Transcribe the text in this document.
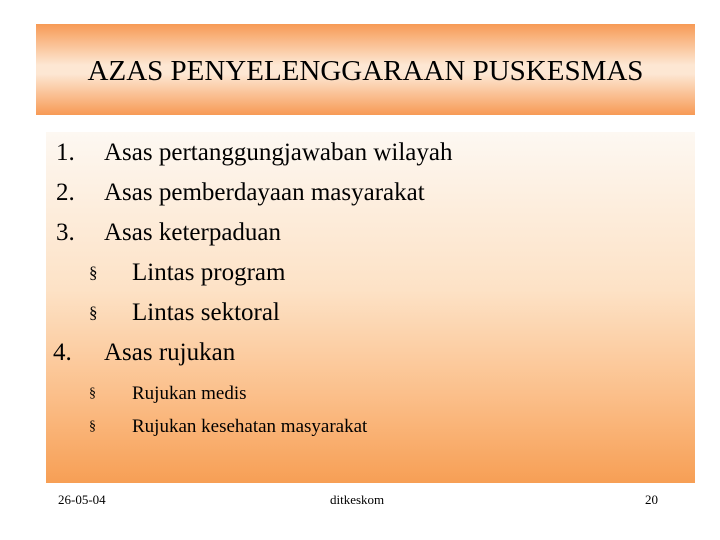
AZAS PENYELENGGARAAN PUSKESMAS
1. Asas pertanggungjawaban wilayah
2. Asas pemberdayaan masyarakat
3. Asas keterpaduan
§ Lintas program
§ Lintas sektoral
4. Asas rujukan
§ Rujukan medis
§ Rujukan kesehatan masyarakat
26-05-04	ditkeskom	20
